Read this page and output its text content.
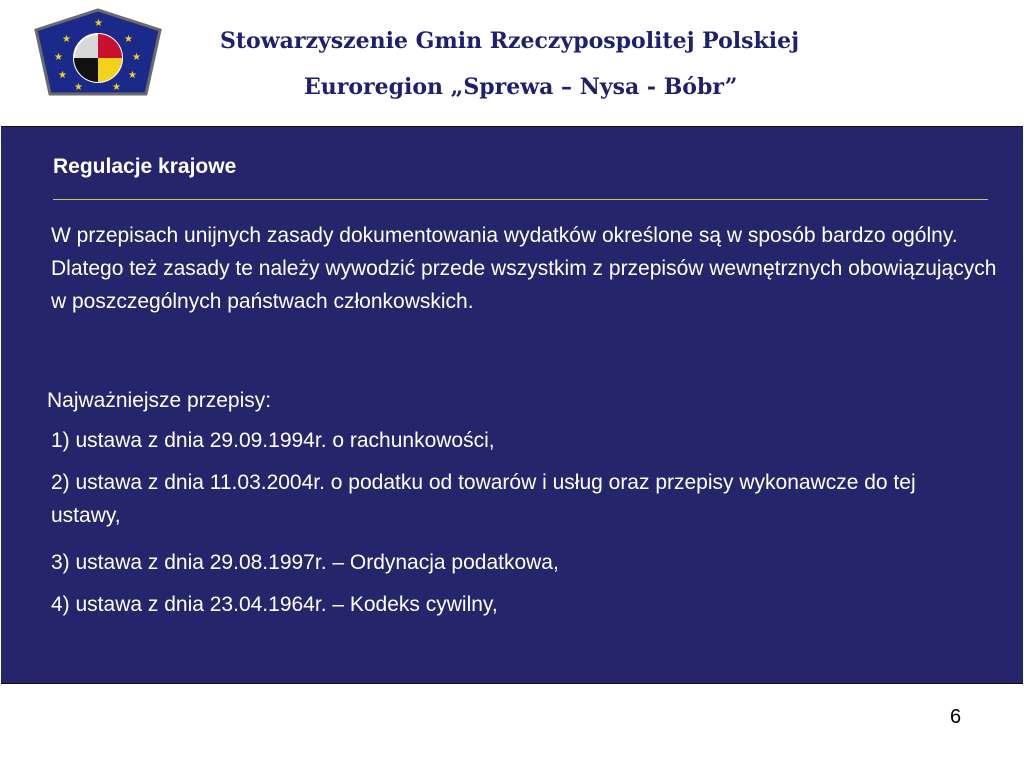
★	★
★	★
★	★
★	★
★
Stowarzyszenie Gmin Rzeczypospolitej Polskiej
Euroregion „Sprewa – Nysa - Bóbr”
Regulacje krajowe
W przepisach unijnych zasady dokumentowania wydatków określone są w sposób bardzo ogólny. Dlatego też zasady te należy wywodzić przede wszystkim z przepisów wewnętrznych obowiązujących w poszczególnych państwach członkowskich.
Najważniejsze przepisy:
1) ustawa z dnia 29.09.1994r. o rachunkowości,
2) ustawa z dnia 11.03.2004r. o podatku od towarów i usług oraz przepisy wykonawcze do tej ustawy,
3) ustawa z dnia 29.08.1997r. – Ordynacja podatkowa,
4) ustawa z dnia 23.04.1964r. – Kodeks cywilny,
6
